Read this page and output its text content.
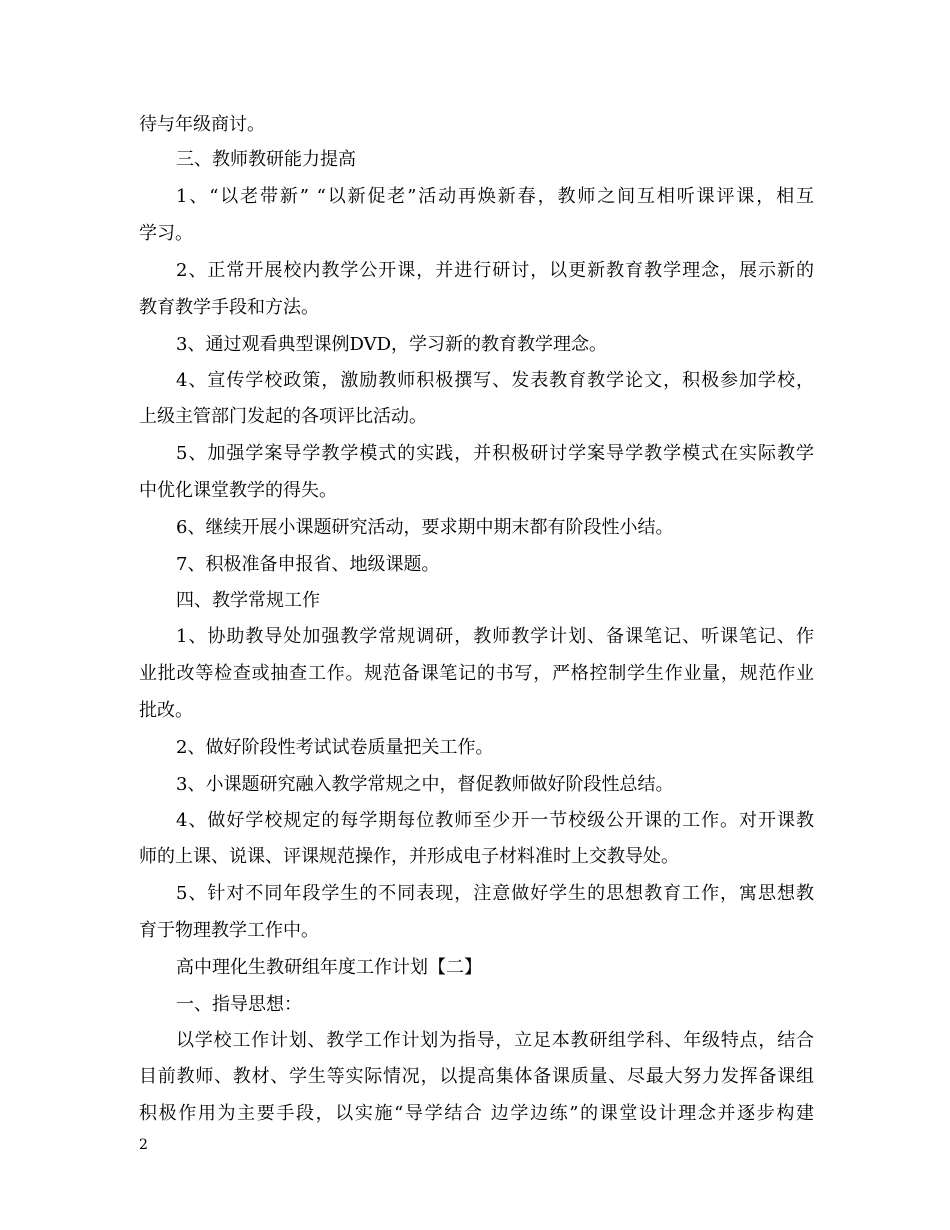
待与年级商讨。
三、教师教研能力提高
1、“以老带新” “以新促老”活动再焕新春，教师之间互相听课评课，相互
学习。
2、正常开展校内教学公开课，并进行研讨，以更新教育教学理念，展示新的
教育教学手段和方法。
3、通过观看典型课例DVD，学习新的教育教学理念。
4、宣传学校政策，激励教师积极撰写、发表教育教学论文，积极参加学校，
上级主管部门发起的各项评比活动。
5、加强学案导学教学模式的实践，并积极研讨学案导学教学模式在实际教学
中优化课堂教学的得失。
6、继续开展小课题研究活动，要求期中期末都有阶段性小结。
7、积极准备申报省、地级课题。
四、教学常规工作
1、协助教导处加强教学常规调研，教师教学计划、备课笔记、听课笔记、作
业批改等检查或抽查工作。规范备课笔记的书写，严格控制学生作业量，规范作业
批改。
2、做好阶段性考试试卷质量把关工作。
3、小课题研究融入教学常规之中，督促教师做好阶段性总结。
4、做好学校规定的每学期每位教师至少开一节校级公开课的工作。对开课教
师的上课、说课、评课规范操作，并形成电子材料准时上交教导处。
5、针对不同年段学生的不同表现，注意做好学生的思想教育工作，寓思想教
育于物理教学工作中。
高中理化生教研组年度工作计划【二】
一、指导思想：
以学校工作计划、教学工作计划为指导，立足本教研组学科、年级特点，结合
目前教师、教材、学生等实际情况，以提高集体备课质量、尽最大努力发挥备课组
积极作用为主要手段，以实施“导学结合 边学边练”的课堂设计理念并逐步构建
2
